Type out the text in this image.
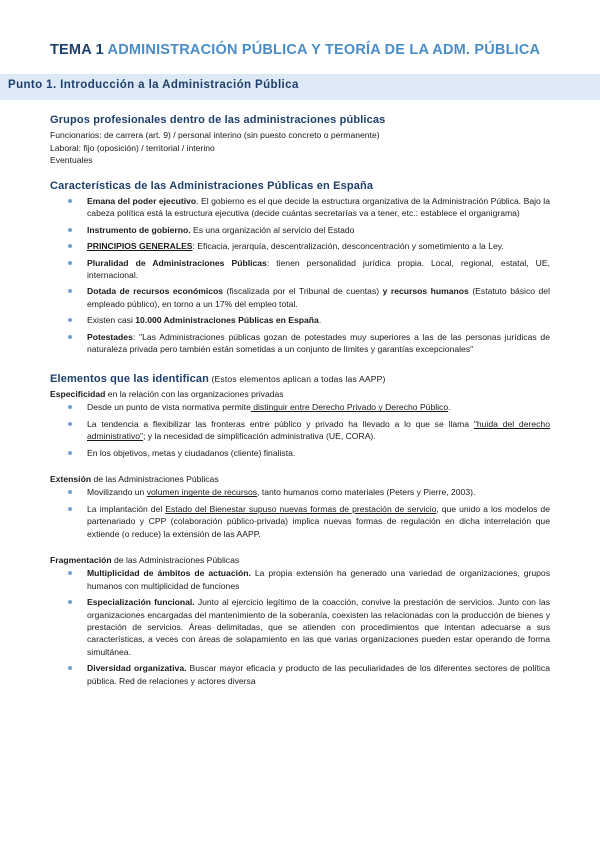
TEMA 1 ADMINISTRACIÓN PÚBLICA Y TEORÍA DE LA ADM. PÚBLICA
Punto 1. Introducción a la Administración Pública
Grupos profesionales dentro de las administraciones públicas

Funcionarios: de carrera (art. 9) / personal interino (sin puesto concreto o permanente)

Laboral: fijo (oposición) / territorial / interino

Eventuales

Características de las Administraciones Públicas en España
Emana del poder ejecutivo. El gobierno es el que decide la estructura organizativa de la Administración Pública. Bajo la cabeza política está la estructura ejecutiva (decide cuántas secretarías va a tener, etc.: establece el organigrama)
Instrumento de gobierno. Es una organización al servicio del Estado
PRINCIPIOS GENERALES: Eficacia, jerarquía, descentralización, desconcentración y sometimiento a la Ley.
Pluralidad de Administraciones Públicas: tienen personalidad jurídica propia. Local, regional, estatal, UE, internacional.
Dotada de recursos económicos (fiscalizada por el Tribunal de cuentas) y recursos humanos (Estatuto básico del empleado público), en torno a un 17% del empleo total.
Existen casi 10.000 Administraciones Públicas en España.
Potestades: "Las Administraciones públicas gozan de potestades muy superiores a las de las personas jurídicas de naturaleza privada pero también están sometidas a un conjunto de límites y garantías excepcionales"
Elementos que las identifican (Estos elementos aplican a todas las AAPP)

Especificidad en la relación con las organizaciones privadas

Desde un punto de vista normativa permite distinguir entre Derecho Privado y Derecho Público.
La tendencia a flexibilizar las fronteras entre público y privado ha llevado a lo que se llama "huida del derecho administrativo"; y la necesidad de simplificación administrativa (UE, CORA).
En los objetivos, metas y ciudadanos (cliente) finalista.

Extensión de las Administraciones Públicas

Movilizando un volumen ingente de recursos, tanto humanos como materiales (Peters y Pierre, 2003).
La implantación del Estado del Bienestar supuso nuevas formas de prestación de servicio, que unido a los modelos de partenariado y CPP (colaboración público-privada) implica nuevas formas de regulación en dicha interrelación que extiende (o reduce) la extensión de las AAPP.

Fragmentación de las Administraciones Públicas

Multiplicidad de ámbitos de actuación. La propia extensión ha generado una variedad de organizaciones, grupos humanos con multiplicidad de funciones
Especialización funcional. Junto al ejercicio legítimo de la coacción, convive la prestación de servicios. Junto con las organizaciones encargadas del mantenimiento de la soberanía, coexisten las relacionadas con la producción de bienes y prestación de servicios. Áreas delimitadas, que se atienden con procedimientos que intentan adecuarse a sus características, a veces con áreas de solapamiento en las que varias organizaciones pueden estar operando de forma simultánea.
Diversidad organizativa. Buscar mayor eficacia y producto de las peculiaridades de los diferentes sectores de política pública. Red de relaciones y actores diversa
